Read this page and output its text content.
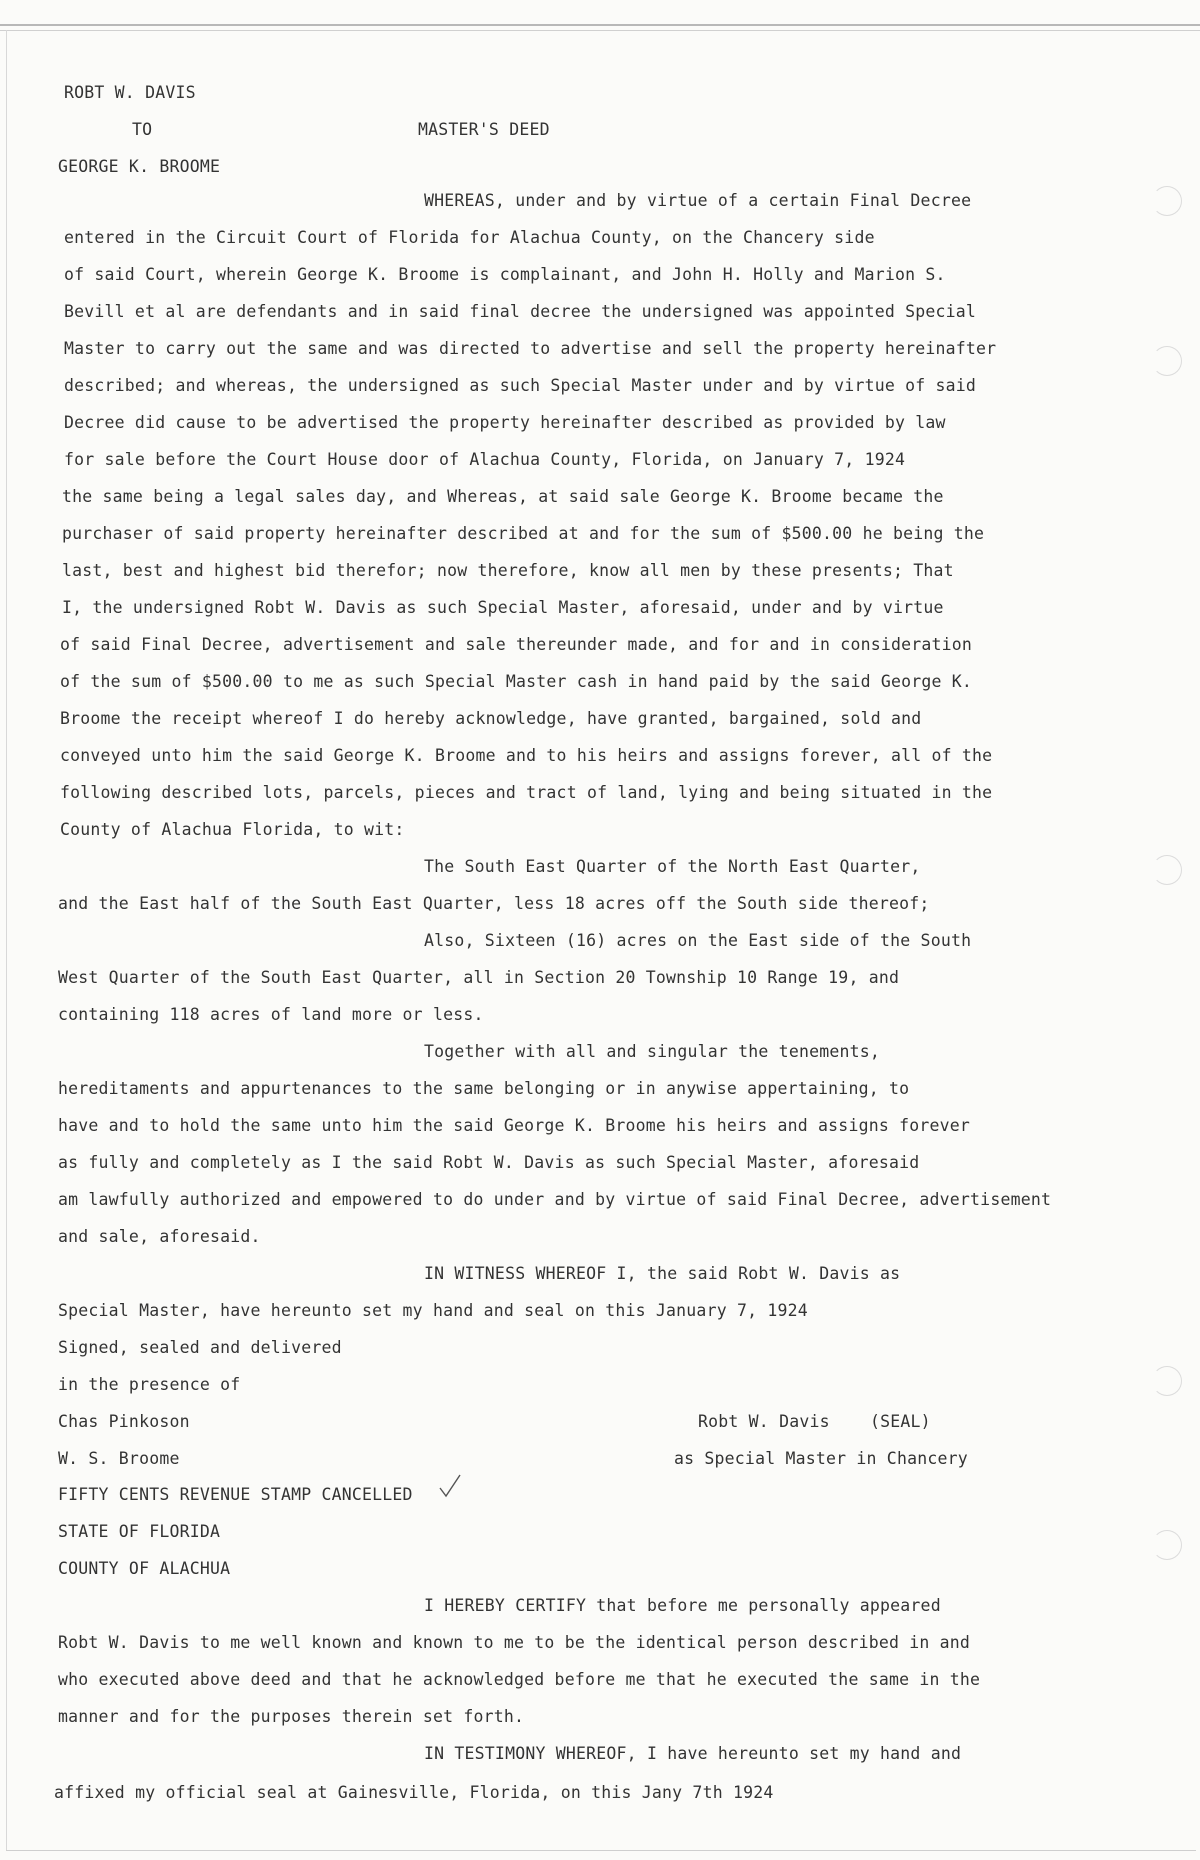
ROBT W. DAVIS

TO	MASTER'S DEED

GEORGE K. BROOME

WHEREAS, under and by virtue of a certain Final Decree

entered in the Circuit Court of Florida for Alachua County, on the Chancery side

of said Court, wherein George K. Broome is complainant, and John H. Holly and Marion S.

Bevill et al are defendants and in said final decree the undersigned was appointed Special

Master to carry out the same and was directed to advertise and sell the property hereinafter

described; and whereas, the undersigned as such Special Master under and by virtue of said

Decree did cause to be advertised the property hereinafter described as provided by law

for sale before the Court House door of Alachua County, Florida, on January 7, 1924

the same being a legal sales day, and Whereas, at said sale George K. Broome became the

purchaser of said property hereinafter described at and for the sum of $500.00 he being the

last, best and highest bid therefor; now therefore, know all men by these presents; That

I, the undersigned Robt W. Davis as such Special Master, aforesaid, under and by virtue

of said Final Decree, advertisement and sale thereunder made, and for and in consideration

of the sum of $500.00 to me as such Special Master cash in hand paid by the said George K.

Broome the receipt whereof I do hereby acknowledge, have granted, bargained, sold and

conveyed unto him the said George K. Broome and to his heirs and assigns forever, all of the

following described lots, parcels, pieces and tract of land, lying and being situated in the

County of Alachua Florida, to wit:

The South East Quarter of the North East Quarter,

and the East half of the South East Quarter, less 18 acres off the South side thereof;

Also, Sixteen (16) acres on the East side of the South

West Quarter of the South East Quarter, all in Section 20 Township 10 Range 19, and

containing 118 acres of land more or less.

Together with all and singular the tenements,

hereditaments and appurtenances to the same belonging or in anywise appertaining, to

have and to hold the same unto him the said George K. Broome his heirs and assigns forever

as fully and completely as I the said Robt W. Davis as such Special Master, aforesaid

am lawfully authorized and empowered to do under and by virtue of said Final Decree, advertisement

and sale, aforesaid.

IN WITNESS WHEREOF I, the said Robt W. Davis as

Special Master, have hereunto set my hand and seal on this January 7, 1924

Signed, sealed and delivered

in the presence of

Chas Pinkoson

W. S. Broome

Robt W. Davis (SEAL)

as Special Master in Chancery

FIFTY CENTS REVENUE STAMP CANCELLED

STATE OF FLORIDA

COUNTY OF ALACHUA

I HEREBY CERTIFY that before me personally appeared

Robt W. Davis to me well known and known to me to be the identical person described in and

who executed above deed and that he acknowledged before me that he executed the same in the

manner and for the purposes therein set forth.

IN TESTIMONY WHEREOF, I have hereunto set my hand and

affixed my official seal at Gainesville, Florida, on this Jany 7th 1924
